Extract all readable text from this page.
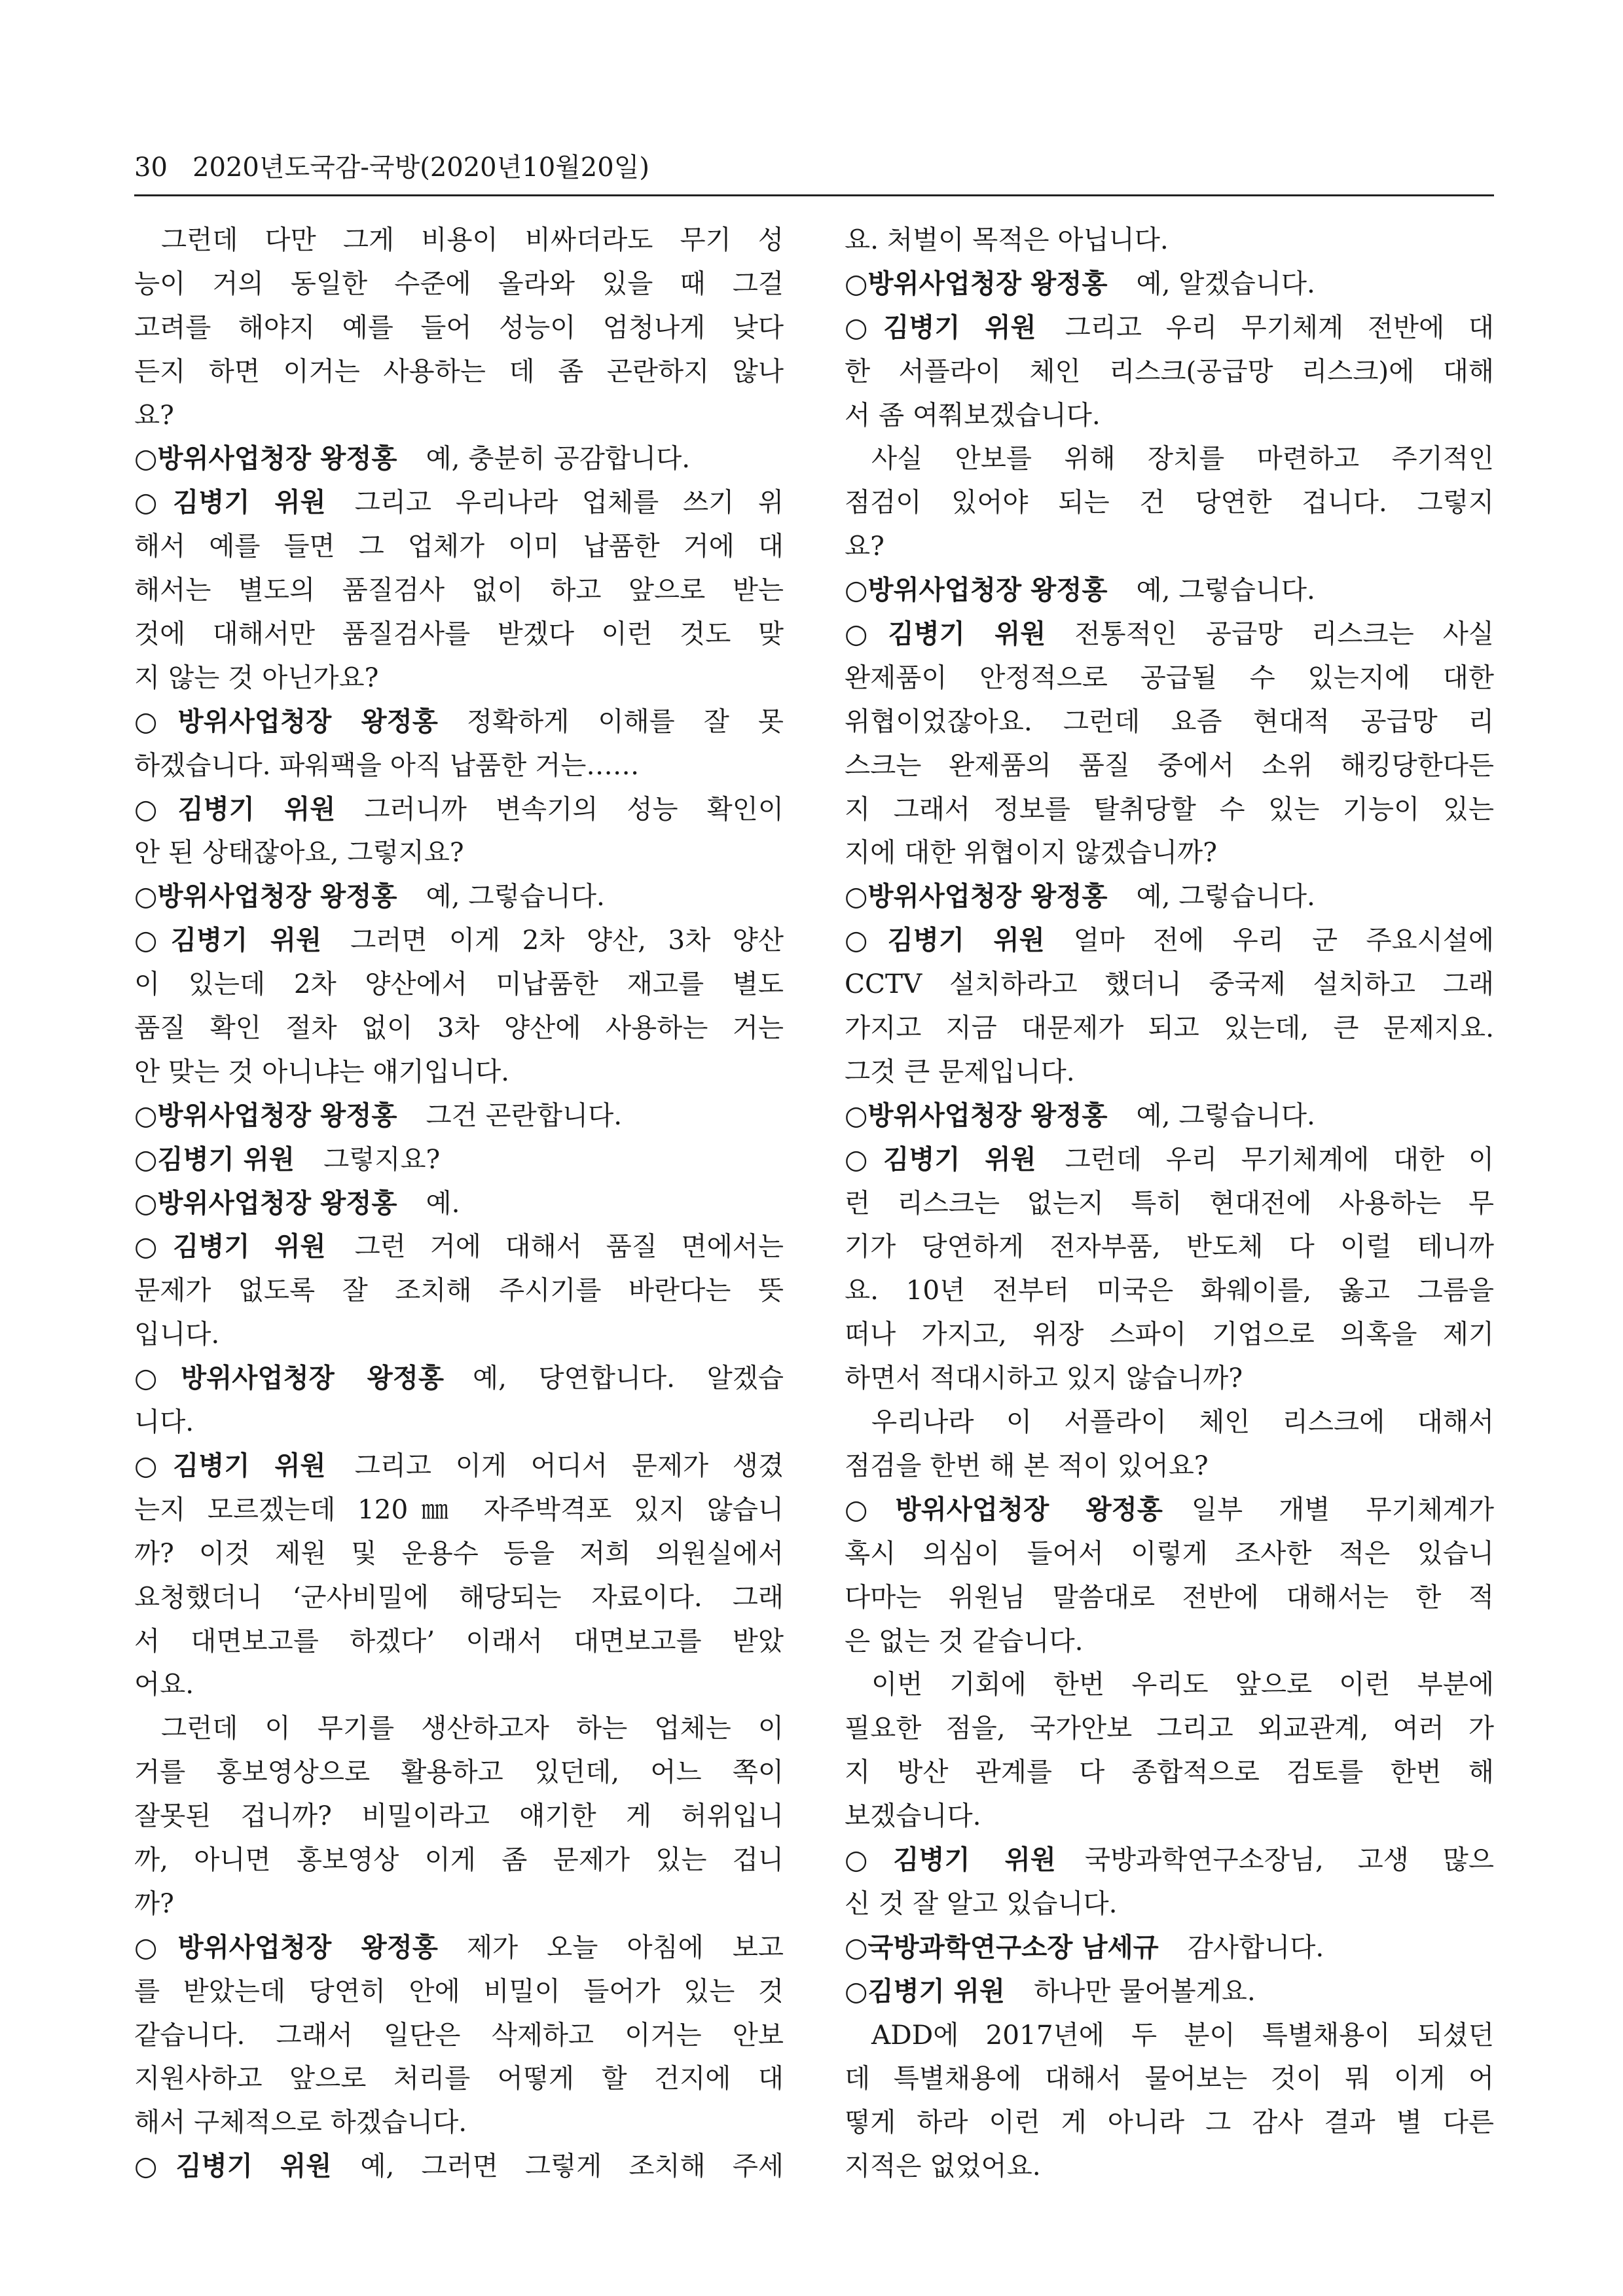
30 2020년도국감-국방(2020년10월20일)
그런데 다만 그게 비용이 비싸더라도 무기 성
능이 거의 동일한 수준에 올라와 있을 때 그걸
고려를 해야지 예를 들어 성능이 엄청나게 낮다
든지 하면 이거는 사용하는 데 좀 곤란하지 않나
요?
○방위사업청장 왕정홍 예, 충분히 공감합니다.
○김병기 위원 그리고 우리나라 업체를 쓰기 위
해서 예를 들면 그 업체가 이미 납품한 거에 대
해서는 별도의 품질검사 없이 하고 앞으로 받는
것에 대해서만 품질검사를 받겠다 이런 것도 맞
지 않는 것 아닌가요?
○방위사업청장 왕정홍 정확하게 이해를 잘 못
하겠습니다. 파워팩을 아직 납품한 거는……
○김병기 위원 그러니까 변속기의 성능 확인이
안 된 상태잖아요, 그렇지요?
○방위사업청장 왕정홍 예, 그렇습니다.
○김병기 위원 그러면 이게 2차 양산, 3차 양산
이 있는데 2차 양산에서 미납품한 재고를 별도
품질 확인 절차 없이 3차 양산에 사용하는 거는
안 맞는 것 아니냐는 얘기입니다.
○방위사업청장 왕정홍 그건 곤란합니다.
○김병기 위원 그렇지요?
○방위사업청장 왕정홍 예.
○김병기 위원 그런 거에 대해서 품질 면에서는
문제가 없도록 잘 조치해 주시기를 바란다는 뜻
입니다.
○방위사업청장 왕정홍 예, 당연합니다. 알겠습
니다.
○김병기 위원 그리고 이게 어디서 문제가 생겼
는지 모르겠는데 120㎜ 자주박격포 있지 않습니
까? 이것 제원 및 운용수 등을 저희 의원실에서
요청했더니 ‘군사비밀에 해당되는 자료이다. 그래
서 대면보고를 하겠다’ 이래서 대면보고를 받았
어요.
그런데 이 무기를 생산하고자 하는 업체는 이
거를 홍보영상으로 활용하고 있던데, 어느 쪽이
잘못된 겁니까? 비밀이라고 얘기한 게 허위입니
까, 아니면 홍보영상 이게 좀 문제가 있는 겁니
까?
○방위사업청장 왕정홍 제가 오늘 아침에 보고
를 받았는데 당연히 안에 비밀이 들어가 있는 것
같습니다. 그래서 일단은 삭제하고 이거는 안보
지원사하고 앞으로 처리를 어떻게 할 건지에 대
해서 구체적으로 하겠습니다.
○김병기 위원 예, 그러면 그렇게 조치해 주세
요. 처벌이 목적은 아닙니다.
○방위사업청장 왕정홍 예, 알겠습니다.
○김병기 위원 그리고 우리 무기체계 전반에 대
한 서플라이 체인 리스크(공급망 리스크)에 대해
서 좀 여쭤보겠습니다.
사실 안보를 위해 장치를 마련하고 주기적인
점검이 있어야 되는 건 당연한 겁니다. 그렇지
요?
○방위사업청장 왕정홍 예, 그렇습니다.
○김병기 위원 전통적인 공급망 리스크는 사실
완제품이 안정적으로 공급될 수 있는지에 대한
위협이었잖아요. 그런데 요즘 현대적 공급망 리
스크는 완제품의 품질 중에서 소위 해킹당한다든
지 그래서 정보를 탈취당할 수 있는 기능이 있는
지에 대한 위협이지 않겠습니까?
○방위사업청장 왕정홍 예, 그렇습니다.
○김병기 위원 얼마 전에 우리 군 주요시설에
CCTV 설치하라고 했더니 중국제 설치하고 그래
가지고 지금 대문제가 되고 있는데, 큰 문제지요.
그것 큰 문제입니다.
○방위사업청장 왕정홍 예, 그렇습니다.
○김병기 위원 그런데 우리 무기체계에 대한 이
런 리스크는 없는지 특히 현대전에 사용하는 무
기가 당연하게 전자부품, 반도체 다 이럴 테니까
요. 10년 전부터 미국은 화웨이를, 옳고 그름을
떠나 가지고, 위장 스파이 기업으로 의혹을 제기
하면서 적대시하고 있지 않습니까?
우리나라 이 서플라이 체인 리스크에 대해서
점검을 한번 해 본 적이 있어요?
○방위사업청장 왕정홍 일부 개별 무기체계가
혹시 의심이 들어서 이렇게 조사한 적은 있습니
다마는 위원님 말씀대로 전반에 대해서는 한 적
은 없는 것 같습니다.
이번 기회에 한번 우리도 앞으로 이런 부분에
필요한 점을, 국가안보 그리고 외교관계, 여러 가
지 방산 관계를 다 종합적으로 검토를 한번 해
보겠습니다.
○김병기 위원 국방과학연구소장님, 고생 많으
신 것 잘 알고 있습니다.
○국방과학연구소장 남세규 감사합니다.
○김병기 위원 하나만 물어볼게요.
ADD에 2017년에 두 분이 특별채용이 되셨던
데 특별채용에 대해서 물어보는 것이 뭐 이게 어
떻게 하라 이런 게 아니라 그 감사 결과 별 다른
지적은 없었어요.
